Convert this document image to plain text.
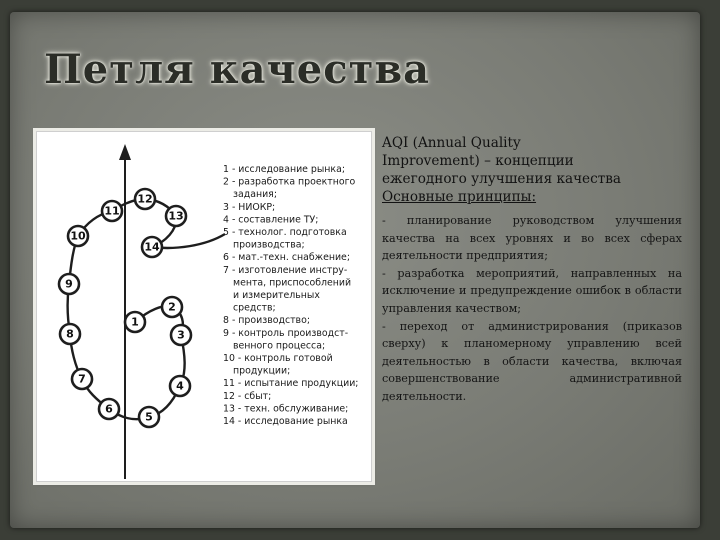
Петля качества
1
2
3
4
5
6
7
8
9
10
11
12
13
14
1 - исследование рынка;
2 - разработка проектного
задания;
3 - НИОКР;
4 - составление ТУ;
5 - технолог. подготовка
производства;
6 - мат.-техн. снабжение;
7 - изготовление инстру-
мента, приспособлений
и измерительных
средств;
8 - производство;
9 - контроль производст-
венного процесса;
10 - контроль готовой
продукции;
11 - испытание продукции;
12 - сбыт;
13 - техн. обслуживание;
14 - исследование рынка

AQI (Annual Quality

Improvement) – концепции

ежегодного улучшения качества

Основные принципы:

- планирование руководством улучшения качества на всех уровнях и во всех сферах деятельности предприятия;
- разработка мероприятий, направленных на исключение и предупреждение ошибок в области управления качеством;
- переход от администрирования (приказов сверху) к планомерному управлению всей деятельностью в области качества, включая совершенствование административной деятельности.
